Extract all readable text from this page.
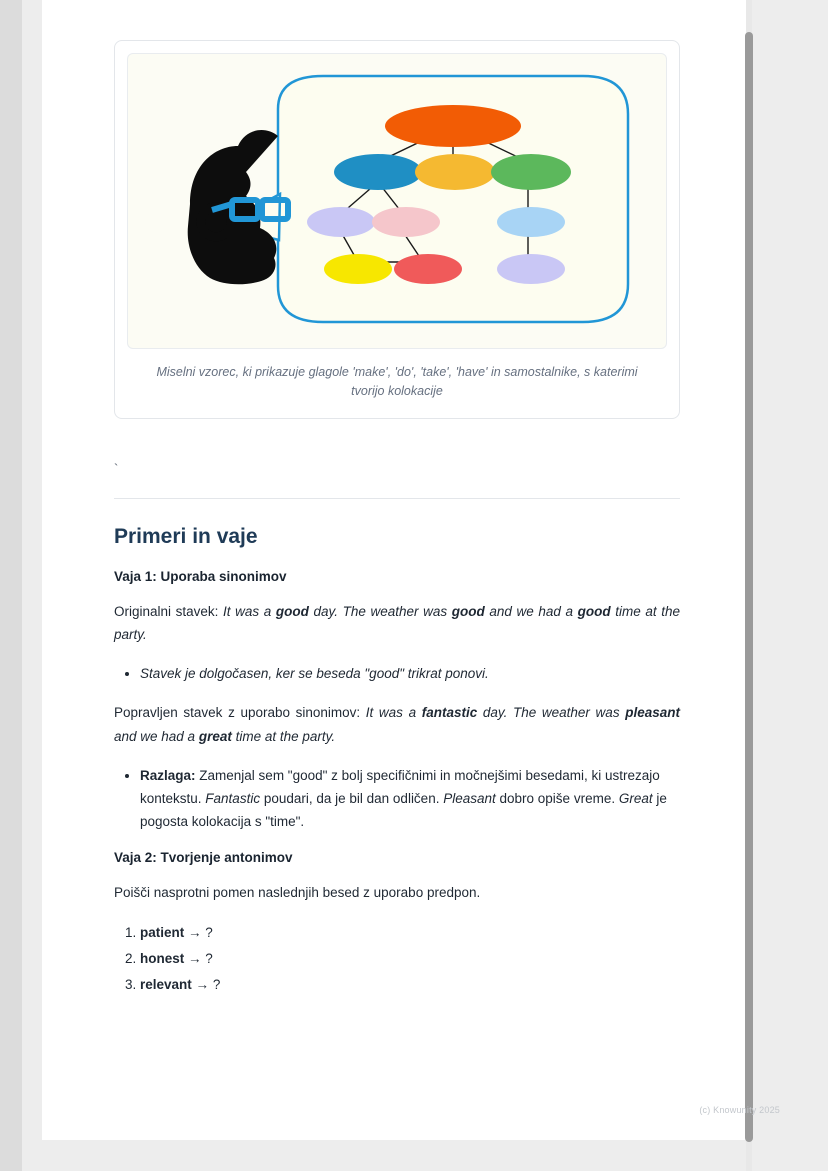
Miselni vzorec, ki prikazuje glagole 'make', 'do', 'take', 'have' in samostalnike, s katerimi tvorijo kolokacije
`
Primeri in vaje
Vaja 1: Uporaba sinonimov

Originalni stavek: It was a good day. The weather was good and we had a good time at the party.

• Stavek je dolgočasen, ker se beseda "good" trikrat ponovi.

Popravljen stavek z uporabo sinonimov: It was a fantastic day. The weather was pleasant and we had a great time at the party.

• Razlaga: Zamenjal sem "good" z bolj specifičnimi in močnejšimi besedami, ki ustrezajo kontekstu. Fantastic poudari, da je bil dan odličen. Pleasant dobro opiše vreme. Great je pogosta kolokacija s "time".
Vaja 2: Tvorjenje antonimov

Poišči nasprotni pomen naslednjih besed z uporabo predpon.

1. patient → ?
2. honest → ?
3. relevant → ?
(c) Knowunity 2025
